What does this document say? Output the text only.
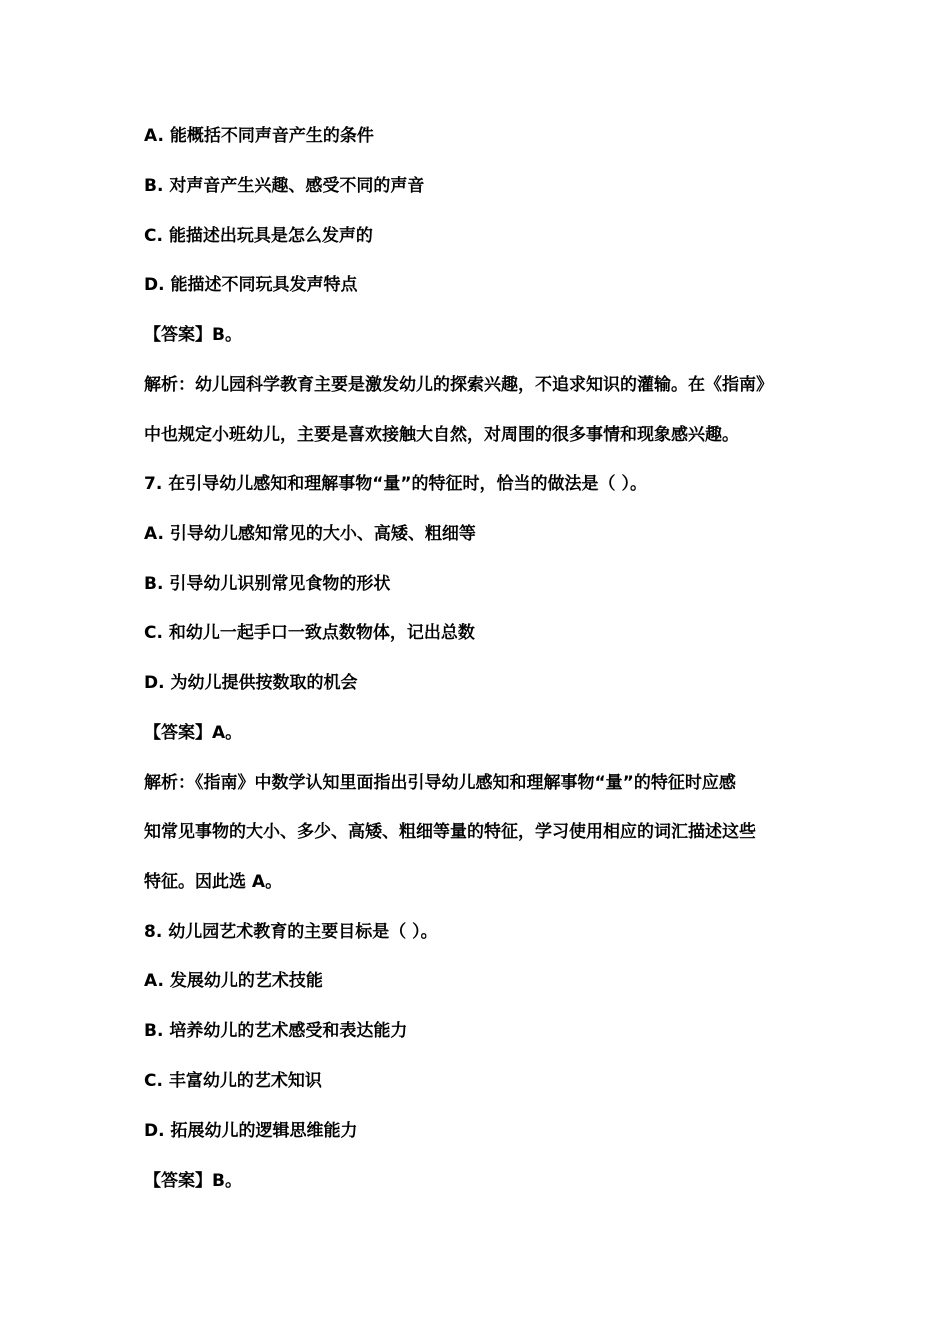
A. 能概括不同声音产生的条件
B. 对声音产生兴趣、感受不同的声音
C. 能描述出玩具是怎么发声的
D. 能描述不同玩具发声特点
【答案】B。
解析：幼儿园科学教育主要是激发幼儿的探索兴趣，不追求知识的灌输。在《指南》
中也规定小班幼儿，主要是喜欢接触大自然，对周围的很多事情和现象感兴趣。
7. 在引导幼儿感知和理解事物“量”的特征时，恰当的做法是（ ）。
A. 引导幼儿感知常见的大小、高矮、粗细等
B. 引导幼儿识别常见食物的形状
C. 和幼儿一起手口一致点数物体，记出总数
D. 为幼儿提供按数取的机会
【答案】A。
解析：《指南》中数学认知里面指出引导幼儿感知和理解事物“量”的特征时应感
知常见事物的大小、多少、高矮、粗细等量的特征，学习使用相应的词汇描述这些
特征。因此选 A。
8. 幼儿园艺术教育的主要目标是（ ）。
A. 发展幼儿的艺术技能
B. 培养幼儿的艺术感受和表达能力
C. 丰富幼儿的艺术知识
D. 拓展幼儿的逻辑思维能力
【答案】B。
